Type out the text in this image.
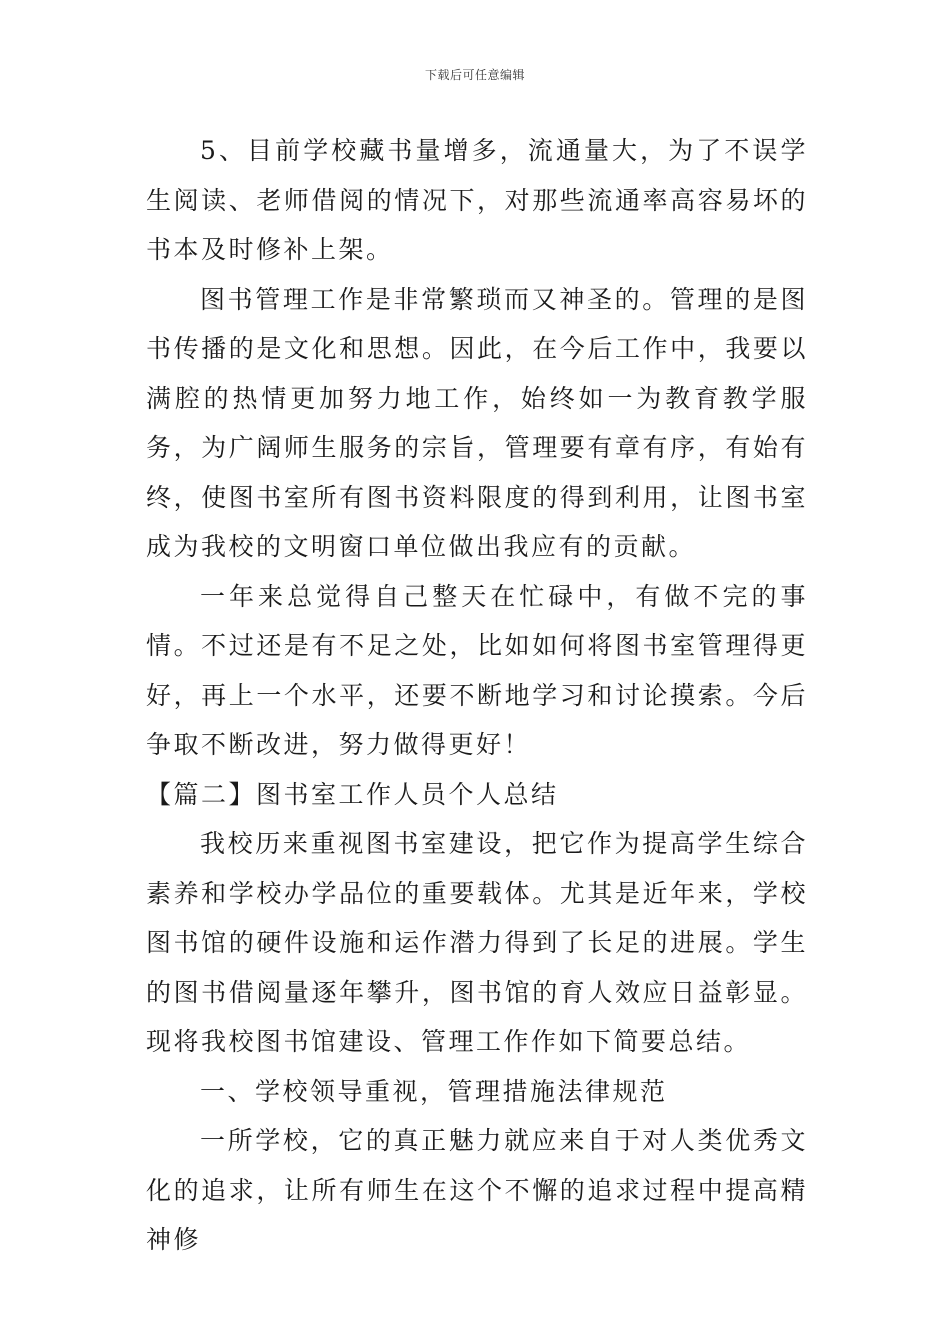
下载后可任意编辑

5、目前学校藏书量增多，流通量大，为了不误学生阅读、老师借阅的情况下，对那些流通率高容易坏的书本及时修补上架。

图书管理工作是非常繁琐而又神圣的。管理的是图书传播的是文化和思想。因此，在今后工作中，我要以满腔的热情更加努力地工作，始终如一为教育教学服务，为广阔师生服务的宗旨，管理要有章有序，有始有终，使图书室所有图书资料限度的得到利用，让图书室成为我校的文明窗口单位做出我应有的贡献。

一年来总觉得自己整天在忙碌中，有做不完的事情。不过还是有不足之处，比如如何将图书室管理得更好，再上一个水平，还要不断地学习和讨论摸索。今后争取不断改进，努力做得更好！

【篇二】图书室工作人员个人总结

我校历来重视图书室建设，把它作为提高学生综合素养和学校办学品位的重要载体。尤其是近年来，学校图书馆的硬件设施和运作潜力得到了长足的进展。学生的图书借阅量逐年攀升，图书馆的育人效应日益彰显。现将我校图书馆建设、管理工作作如下简要总结。

一、学校领导重视，管理措施法律规范

一所学校，它的真正魅力就应来自于对人类优秀文化的追求，让所有师生在这个不懈的追求过程中提高精神修
